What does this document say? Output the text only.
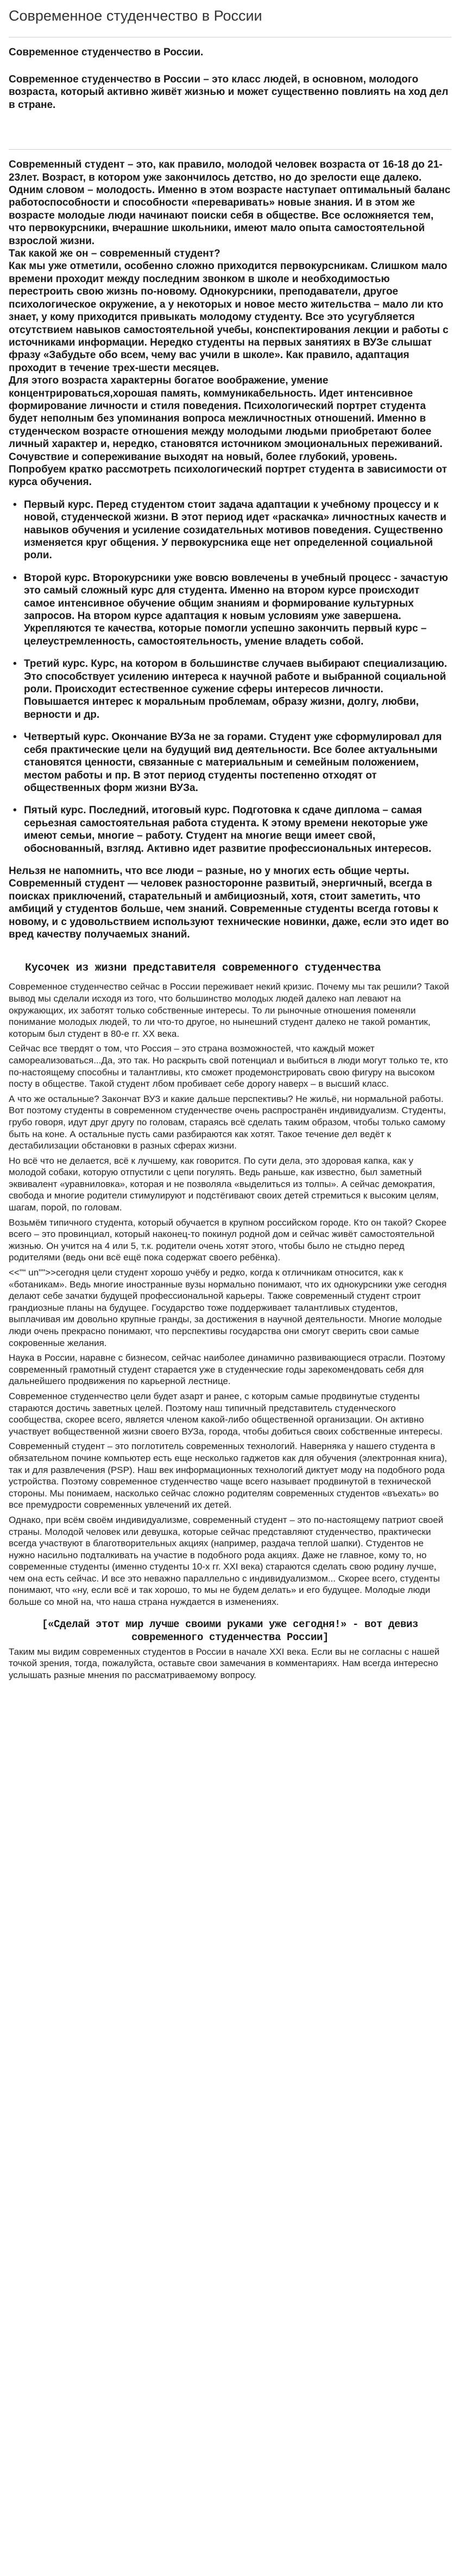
Современное студенчество в России
Современное студенчество в России.

Современное студенчество в России – это класс людей, в основном, молодого возраста, который активно живёт жизнью и может существенно повлиять на ход дел в стране.

Современный студент – это, как правило, молодой человек возраста от 16-18 до 21-23лет. Возраст, в котором уже закончилось детство, но до зрелости еще далеко. Одним словом – молодость. Именно в этом возрасте наступает оптимальный баланс работоспособности и способности «переваривать» новые знания. И в этом же возрасте молодые люди начинают поиски себя в обществе. Все осложняется тем, что первокурсники, вчерашние школьники, имеют мало опыта самостоятельной взрослой жизни.

Так какой же он – современный студент?

Как мы уже отметили, особенно сложно приходится первокурсникам. Слишком мало времени проходит между последним звонком в школе и необходимостью перестроить свою жизнь по-новому. Однокурсники, преподаватели, другое психологическое окружение, а у некоторых и новое место жительства – мало ли кто знает, у кому приходится привыкать молодому студенту. Все это усугубляется отсутствием навыков самостоятельной учебы, конспектирования лекции и работы с источниками информации. Нередко студенты на первых занятиях в ВУЗе слышат фразу «Забудьте обо всем, чему вас учили в школе». Как правило, адаптация проходит в течение трех-шести месяцев.

Для этого возраста характерны богатое воображение, умение концентрироваться,хорошая память, коммуникабельность. Идет интенсивное формирование личности и стиля поведения. Психологический портрет студента будет неполным без упоминания вопроса межличностных отношений. Именно в студенческом возрасте отношения между молодыми людьми приобретают более личный характер и, нередко, становятся источником эмоциональных переживаний. Сочувствие и сопереживание выходят на новый, более глубокий, уровень.

Попробуем кратко рассмотреть психологический портрет студента в зависимости от курса обучения.

• Первый курс. Перед студентом стоит задача адаптации к учебному процессу и к новой, студенческой жизни. В этот период идет «раскачка» личностных качеств и навыков обучения и усиление созидательных мотивов поведения. Существенно изменяется круг общения. У первокурсника еще нет определенной социальной роли.
• Второй курс. Второкурсники уже вовсю вовлечены в учебный процесс - зачастую это самый сложный курс для студента. Именно на втором курсе происходит самое интенсивное обучение общим знаниям и формирование культурных запросов. На втором курсе адаптация к новым условиям уже завершена. Укрепляются те качества, которые помогли успешно закончить первый курс – целеустремленность, самостоятельность, умение владеть собой.
• Третий курс. Курс, на котором в большинстве случаев выбирают специализацию. Это способствует усилению интереса к научной работе и выбранной социальной роли. Происходит естественное сужение сферы интересов личности. Повышается интерес к моральным проблемам, образу жизни, долгу, любви, верности и др.
• Четвертый курс. Окончание ВУЗа не за горами. Студент уже сформулировал для себя практические цели на будущий вид деятельности. Все более актуальными становятся ценности, связанные с материальным и семейным положением, местом работы и пр. В этот период студенты постепенно отходят от общественных форм жизни ВУЗа.
• Пятый курс. Последний, итоговый курс. Подготовка к сдаче диплома – самая серьезная самостоятельная работа студента. К этому времени некоторые уже имеют семьи, многие – работу. Студент на многие вещи имеет свой, обоснованный, взгляд. Активно идет развитие профессиональных интересов.

Нельзя не напомнить, что все люди – разные, но у многих есть общие черты.

Современный студент — человек разносторонне развитый, энергичный, всегда в поисках приключений, старательный и амбициозный, хотя, стоит заметить, что амбиций у студентов больше, чем знаний. Современные студенты всегда готовы к новому, и с удовольствием используют технические новинки, даже, если это идет во вред качеству получаемых знаний.

Кусочек из жизни представителя современного студенчества

Современное студенчество сейчас в России переживает некий кризис. Почему мы так решили? Такой вывод мы сделали исходя из того, что большинство молодых людей далеко нап левают на окружающих, их заботят только собственные интересы. То ли рыночные отношения поменяли понимание молодых людей, то ли что-то другое, но нынешний студент далеко не такой романтик, которым был студент в 80-е гг. XX века.

Сейчас все твердят о том, что Россия – это страна возможностей, что каждый может самореализоваться...Да, это так. Но раскрыть свой потенциал и выбиться в люди могут только те, кто по-настоящему способны и талантливы, кто сможет продемонстрировать свою фигуру на высоком посту в обществе. Такой студент лбом пробивает себе дорогу наверх – в высший класс.

А что же остальные? Закончат ВУЗ и какие дальше перспективы? Не жильё, ни нормальной работы. Вот поэтому студенты в современном студенчестве очень распространён индивидуализм. Студенты, грубо говоря, идут друг другу по головам, стараясь всё сделать таким образом, чтобы только самому быть на коне. А остальные пусть сами разбираются как хотят. Такое течение дел ведёт к дестабилизации обстановки в разных сферах жизни.

Но всё что не делается, всё к лучшему, как говорится. По сути дела, это здоровая капка, как у молодой собаки, которую отпустили с цепи погулять. Ведь раньше, как известно, был заметный эквивалент «уравниловка», которая и не позволяла «выделиться из толпы». А сейчас демократия, свобода и многие родители стимулируют и подстёгивают своих детей стремиться к высоким целям, шагам, порой, по головам.

Возьмём типичного студента, который обучается в крупном российском городе. Кто он такой? Скорее всего – это провинциал, который наконец-то покинул родной дом и сейчас живёт самостоятельной жизнью. Он учится на 4 или 5, т.к. родители очень хотят этого, чтобы было не стыдно перед родителями (ведь они всё ещё пока содержат своего ребёнка).

<<"“ un"">>сегодня цели студент хорошо учёбу и редко, когда к отличникам относится, как к «ботаникам». Ведь многие иностранные вузы нормально понимают, что их однокурсники уже сегодня делают себе зачатки будущей профессиональной карьеры. Также современный студент строит грандиозные планы на будущее. Государство тоже поддерживает талантливых студентов, выплачивая им довольно крупные гранды, за достижения в научной деятельности. Многие молодые люди очень прекрасно понимают, что перспективы государства они смогут сверить свои самые сокровенные желания.

Наука в России, наравне с бизнесом, сейчас наиболее динамично развивающиеся отрасли. Поэтому современный грамотный студент старается уже в студенческие годы зарекомендовать себя для дальнейшего продвижения по карьерной лестнице.

Современное студенчество цели будет азарт и ранее, с которым самые продвинутые студенты стараются достичь заветных целей. Поэтому наш типичный представитель студенческого сообщества, скорее всего, является членом какой-либо общественной организации. Он активно участвует вобщественной жизни своего ВУЗа, города, чтобы добиться своих собственные интересы.

Современный студент – это поглотитель современных технологий. Наверняка у нашего студента в обязательном почине компьютер есть еще несколько гаджетов как для обучения (электронная книга), так и для развлечения (PSP). Наш век информационных технологий диктует моду на подобного рода устройства. Поэтому современное студенчество чаще всего называет продвинутой в технической стороны. Мы понимаем, насколько сейчас сложно родителям современных студентов «въехать» во все премудрости современных увлечений их детей.

Однако, при всём своём индивидуализме, современный студент – это по-настоящему патриот своей страны. Молодой человек или девушка, которые сейчас представляют студенчество, практически всегда участвуют в благотворительных акциях (например, раздача теплой шапки). Студентов не нужно насильно подталкивать на участие в подобного рода акциях. Даже не главное, кому то, но современные студенты (именно студенты 10-х гг. XXI века) стараются сделать свою родину лучше, чем она есть сейчас. И все это неважно параллельно с индивидуализмом... Скорее всего, студенты понимают, что «ну, если всё и так хорошо, то мы не будем делать» и его будущее. Молодые люди больше со мной на, что наша страна нуждается в изменениях.

[«Сделай этот мир лучше своими руками уже сегодня!» - вот девиз современного студенчества России]

Таким мы видим современных студентов в России в начале XXI века. Если вы не согласны с нашей точкой зрения, тогда, пожалуйста, оставьте свои замечания в комментариях. Нам всегда интересно услышать разные мнения по рассматриваемому вопросу.
